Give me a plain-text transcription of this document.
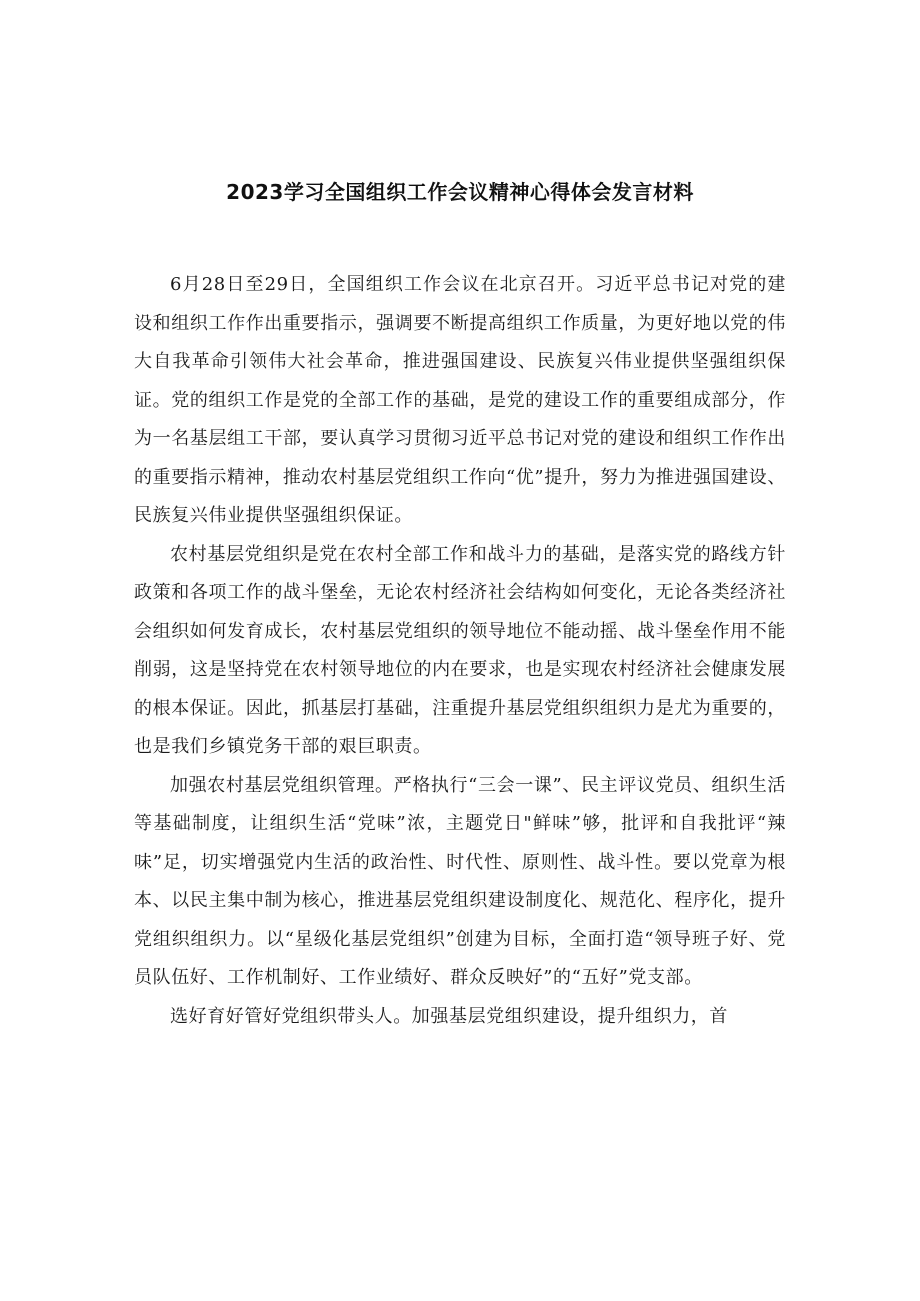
2023学习全国组织工作会议精神心得体会发言材料

6月28日至29日，全国组织工作会议在北京召开。习近平总书记对党的建设和组织工作作出重要指示，强调要不断提高组织工作质量，为更好地以党的伟大自我革命引领伟大社会革命，推进强国建设、民族复兴伟业提供坚强组织保证。党的组织工作是党的全部工作的基础，是党的建设工作的重要组成部分，作为一名基层组工干部，要认真学习贯彻习近平总书记对党的建设和组织工作作出的重要指示精神，推动农村基层党组织工作向“优”提升，努力为推进强国建设、民族复兴伟业提供坚强组织保证。

农村基层党组织是党在农村全部工作和战斗力的基础，是落实党的路线方针政策和各项工作的战斗堡垒，无论农村经济社会结构如何变化，无论各类经济社会组织如何发育成长，农村基层党组织的领导地位不能动摇、战斗堡垒作用不能削弱，这是坚持党在农村领导地位的内在要求，也是实现农村经济社会健康发展的根本保证。因此，抓基层打基础，注重提升基层党组织组织力是尤为重要的，也是我们乡镇党务干部的艰巨职责。

加强农村基层党组织管理。严格执行“三会一课”、民主评议党员、组织生活等基础制度，让组织生活“党味”浓，主题党日"鲜味”够，批评和自我批评“辣味”足，切实增强党内生活的政治性、时代性、原则性、战斗性。要以党章为根本、以民主集中制为核心，推进基层党组织建设制度化、规范化、程序化，提升党组织组织力。以“星级化基层党组织”创建为目标，全面打造“领导班子好、党员队伍好、工作机制好、工作业绩好、群众反映好”的“五好”党支部。

选好育好管好党组织带头人。加强基层党组织建设，提升组织力，首
